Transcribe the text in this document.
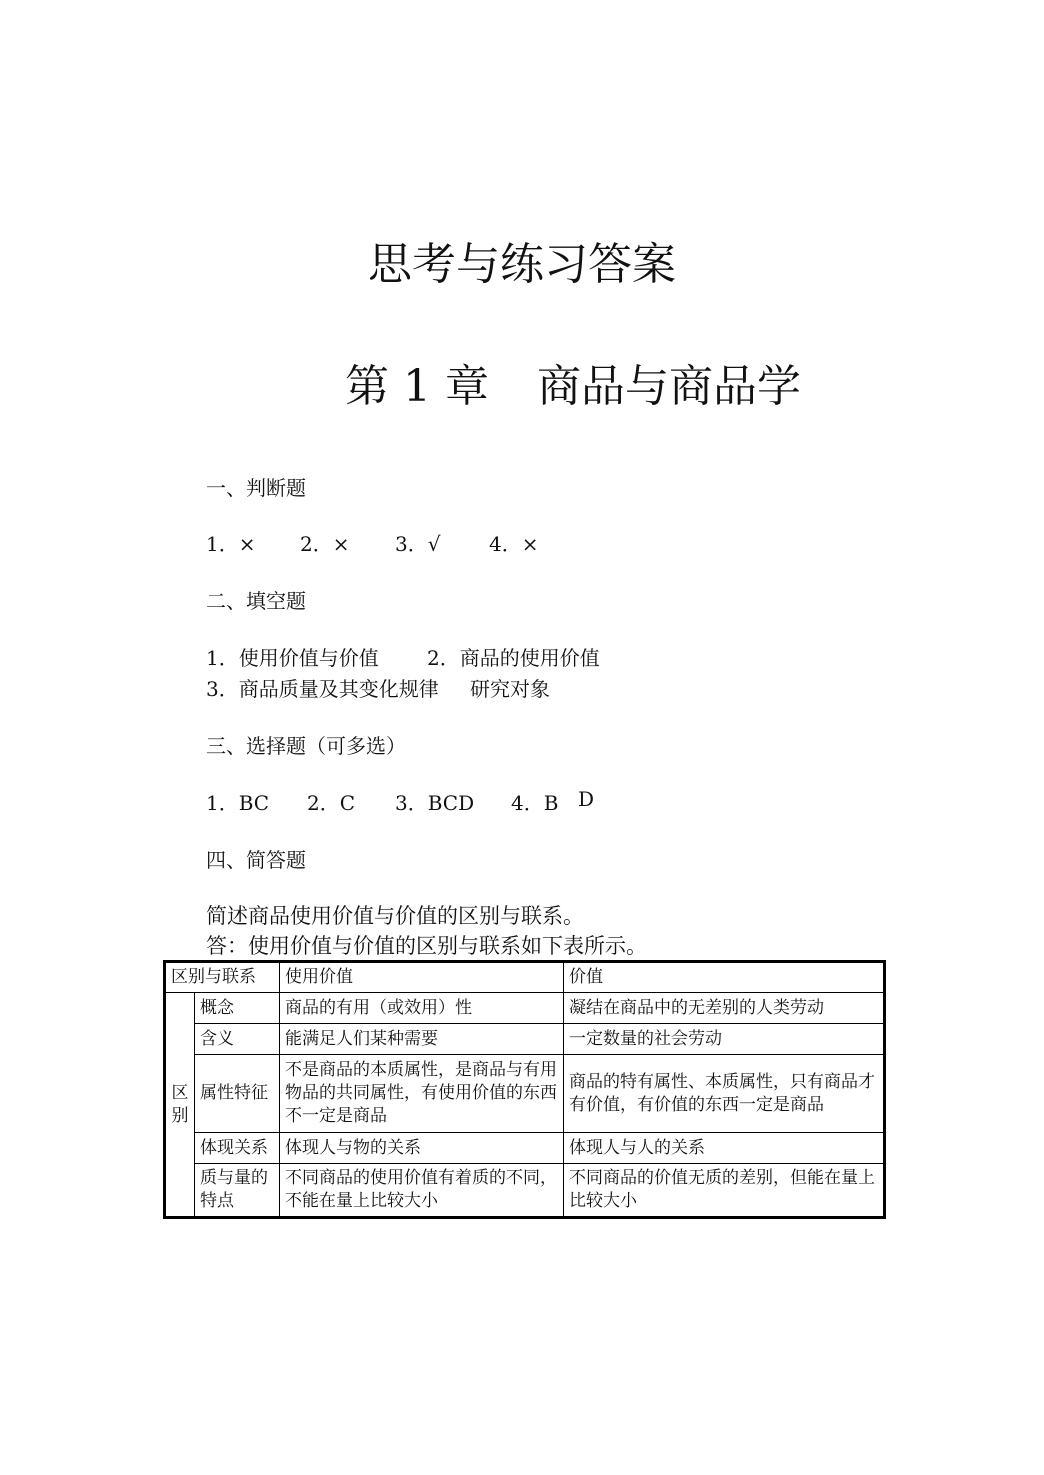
思考与练习答案
第 1 章 商品与商品学
一、判断题
1．× 2．× 3．√ 4．×
二、填空题
1．使用价值与价值 2．商品的使用价值
3．商品质量及其变化规律 研究对象
三、选择题（可多选）
1．BC 2．C 3．BCD 4．B D
四、简答题
简述商品使用价值与价值的区别与联系。
答：使用价值与价值的区别与联系如下表所示。
区别与联系		使用价值	价值
区别	概念	商品的有用（或效用）性	凝结在商品中的无差别的人类劳动
	含义	能满足人们某种需要	一定数量的社会劳动
	属性特征	不是商品的本质属性，是商品与有用物品的共同属性，有使用价值的东西不一定是商品	商品的特有属性、本质属性，只有商品才有价值，有价值的东西一定是商品
	体现关系	体现人与物的关系	体现人与人的关系
	质与量的特点	不同商品的使用价值有着质的不同，不能在量上比较大小	不同商品的价值无质的差别，但能在量上比较大小
